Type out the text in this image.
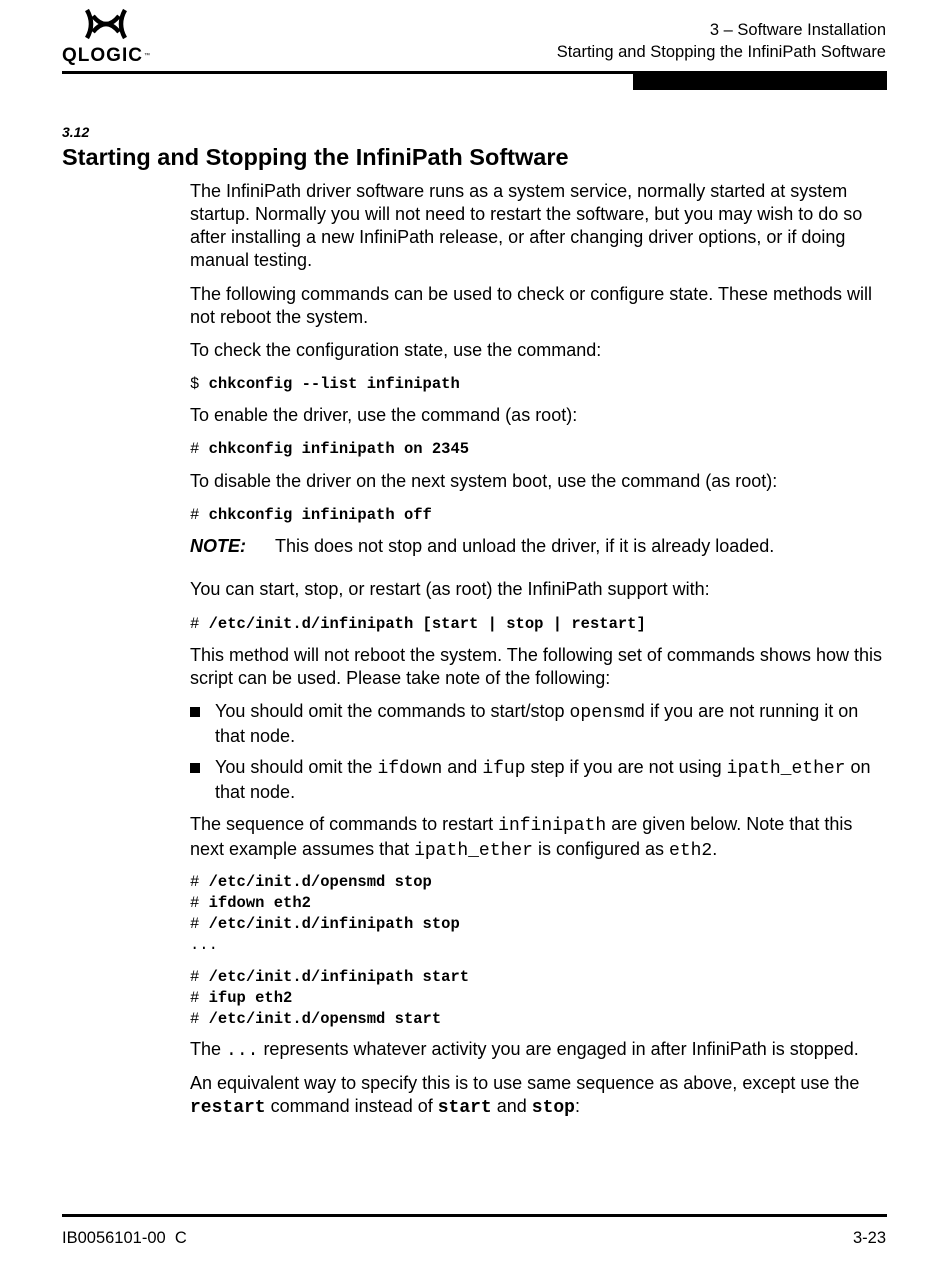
QLOGIC™
3 – Software Installation
Starting and Stopping the InfiniPath Software
3.12
Starting and Stopping the InfiniPath Software

The InfiniPath driver software runs as a system service, normally started at system startup. Normally you will not need to restart the software, but you may wish to do so after installing a new InfiniPath release, or after changing driver options, or if doing manual testing.

The following commands can be used to check or configure state. These methods will not reboot the system.

To check the configuration state, use the command:

$ chkconfig --list infinipath

To enable the driver, use the command (as root):

# chkconfig infinipath on 2345

To disable the driver on the next system boot, use the command (as root):

# chkconfig infinipath off
NOTE: This does not stop and unload the driver, if it is already loaded.

You can start, stop, or restart (as root) the InfiniPath support with:

# /etc/init.d/infinipath [start | stop | restart]

This method will not reboot the system. The following set of commands shows how this script can be used. Please take note of the following:

You should omit the commands to start/stop opensmd if you are not running it on that node.
You should omit the ifdown and ifup step if you are not using ipath_ether on that node.

The sequence of commands to restart infinipath are given below. Note that this next example assumes that ipath_ether is configured as eth2.

# /etc/init.d/opensmd stop
# ifdown eth2
# /etc/init.d/infinipath stop
...
# /etc/init.d/infinipath start
# ifup eth2
# /etc/init.d/opensmd start

The ... represents whatever activity you are engaged in after InfiniPath is stopped.

An equivalent way to specify this is to use same sequence as above, except use the restart command instead of start and stop:

IB0056101-00  C	3-23
